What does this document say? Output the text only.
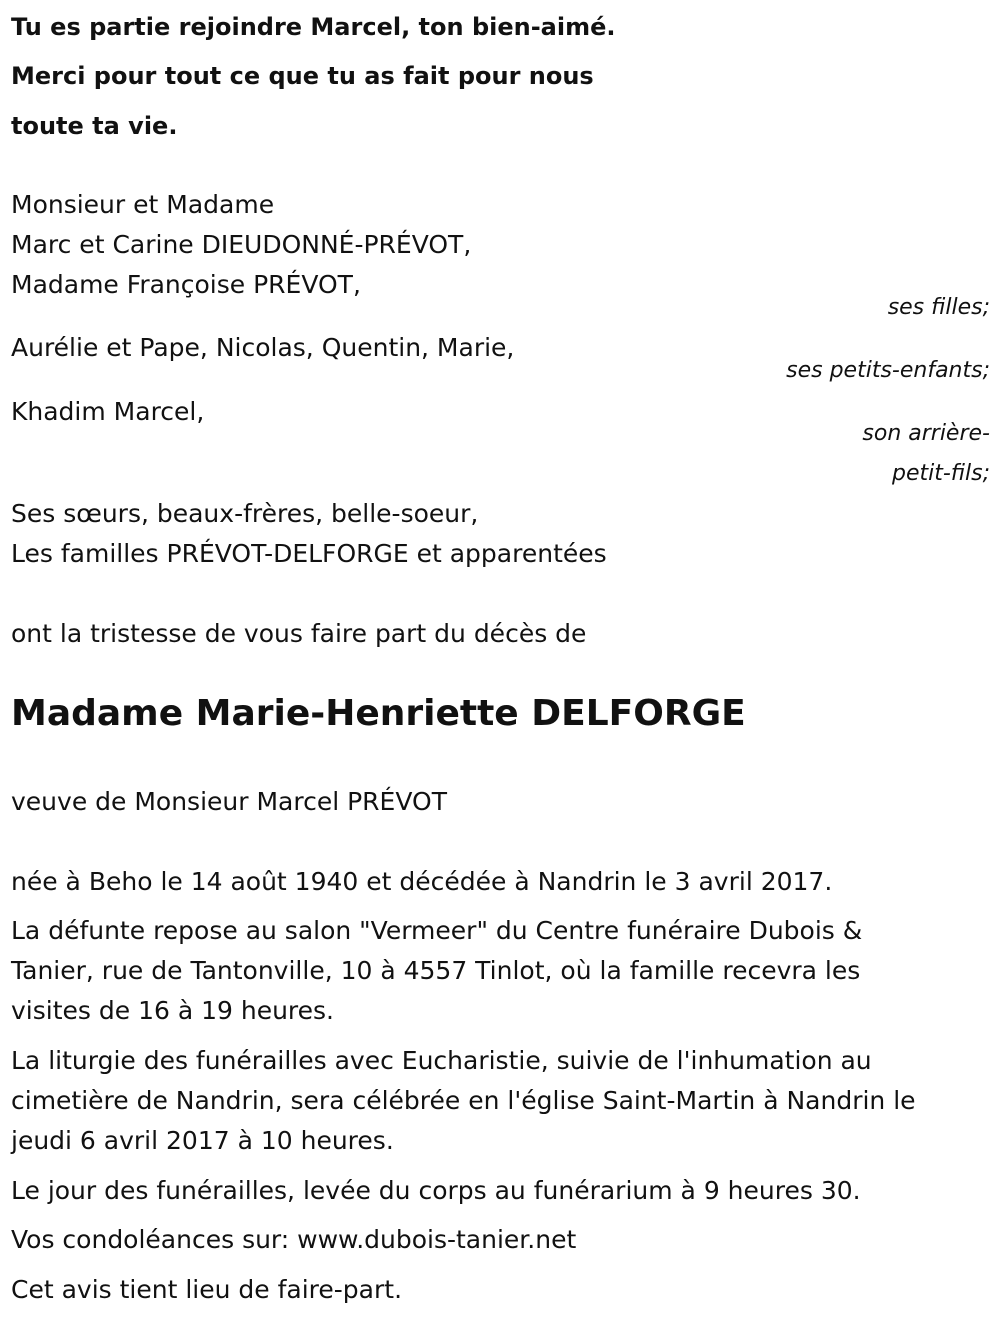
Tu es partie rejoindre Marcel, ton bien-aimé.

Merci pour tout ce que tu as fait pour nous

toute ta vie.

Monsieur et Madame

Marc et Carine DIEUDONNÉ-PRÉVOT,

Madame Françoise PRÉVOT,

ses filles;

Aurélie et Pape, Nicolas, Quentin, Marie,

ses petits-enfants;

Khadim Marcel,

son arrière-

petit-fils;

Ses sœurs, beaux-frères, belle-soeur,

Les familles PRÉVOT-DELFORGE et apparentées

ont la tristesse de vous faire part du décès de

Madame Marie-Henriette DELFORGE

veuve de Monsieur Marcel PRÉVOT

née à Beho le 14 août 1940 et décédée à Nandrin le 3 avril 2017.

La défunte repose au salon "Vermeer" du Centre funéraire Dubois &

Tanier, rue de Tantonville, 10 à 4557 Tinlot, où la famille recevra les

visites de 16 à 19 heures.

La liturgie des funérailles avec Eucharistie, suivie de l'inhumation au

cimetière de Nandrin, sera célébrée en l'église Saint-Martin à Nandrin le

jeudi 6 avril 2017 à 10 heures.

Le jour des funérailles, levée du corps au funérarium à 9 heures 30.

Vos condoléances sur: www.dubois-tanier.net

Cet avis tient lieu de faire-part.
